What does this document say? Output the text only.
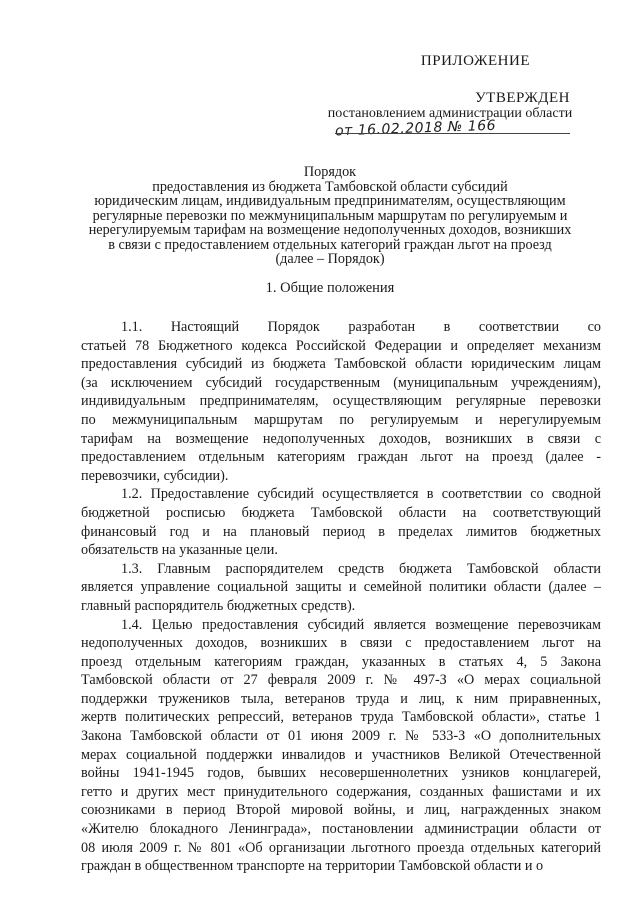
ПРИЛОЖЕНИЕ
УТВЕРЖДЕН
постановлением администрации области
от 16.02.2018 № 166
Порядок
предоставления из бюджета Тамбовской области субсидий
юридическим лицам, индивидуальным предпринимателям, осуществляющим
регулярные перевозки по межмуниципальным маршрутам по регулируемым и
нерегулируемым тарифам на возмещение недополученных доходов, возникших
в связи с предоставлением отдельных категорий граждан льгот на проезд
(далее – Порядок)
1. Общие положения

1.1. Настоящий Порядок разработан в соответствии со
статьей 78 Бюджетного кодекса Российской Федерации и определяет механизм
предоставления субсидий из бюджета Тамбовской области юридическим лицам
(за исключением субсидий государственным (муниципальным учреждениям),
индивидуальным предпринимателям, осуществляющим регулярные перевозки
по межмуниципальным маршрутам по регулируемым и нерегулируемым
тарифам на возмещение недополученных доходов, возникших в связи с
предоставлением отдельным категориям граждан льгот на проезд (далее -
перевозчики, субсидии).

1.2. Предоставление субсидий осуществляется в соответствии со сводной
бюджетной росписью бюджета Тамбовской области на соответствующий
финансовый год и на плановый период в пределах лимитов бюджетных
обязательств на указанные цели.

1.3. Главным распорядителем средств бюджета Тамбовской области
является управление социальной защиты и семейной политики области (далее –
главный распорядитель бюджетных средств).

1.4. Целью предоставления субсидий является возмещение перевозчикам
недополученных доходов, возникших в связи с предоставлением льгот на
проезд отдельным категориям граждан, указанных в статьях 4, 5 Закона
Тамбовской области от 27 февраля 2009 г. № 497-З «О мерах социальной
поддержки тружеников тыла, ветеранов труда и лиц, к ним приравненных,
жертв политических репрессий, ветеранов труда Тамбовской области», статье 1
Закона Тамбовской области от 01 июня 2009 г. № 533-З «О дополнительных
мерах социальной поддержки инвалидов и участников Великой Отечественной
войны 1941-1945 годов, бывших несовершеннолетних узников концлагерей,
гетто и других мест принудительного содержания, созданных фашистами и их
союзниками в период Второй мировой войны, и лиц, награжденных знаком
«Жителю блокадного Ленинграда», постановлении администрации области от
08 июля 2009 г. № 801 «Об организации льготного проезда отдельных категорий
граждан в общественном транспорте на территории Тамбовской области и о
